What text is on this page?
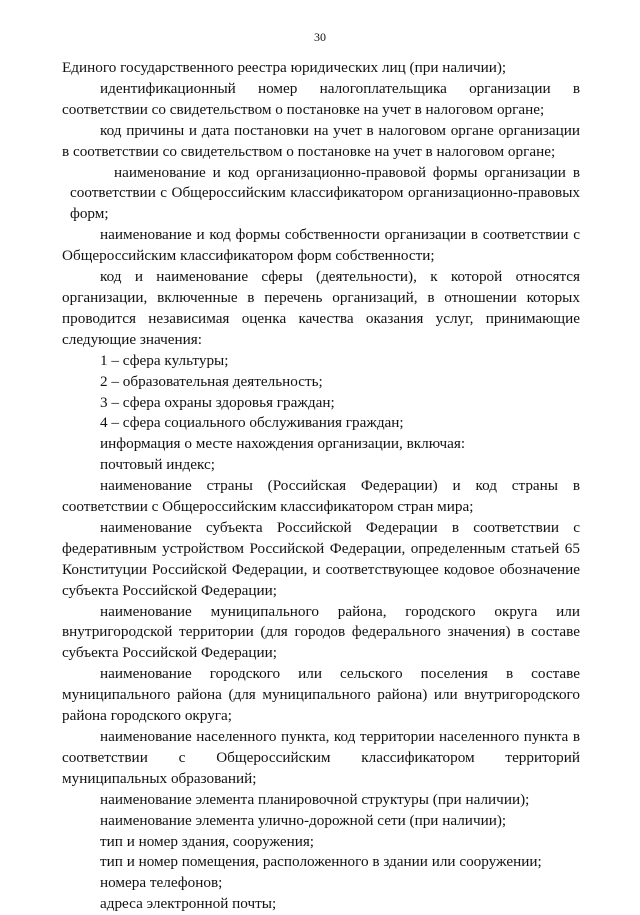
30

Единого государственного реестра юридических лиц (при наличии);

идентификационный номер налогоплательщика организации в соответствии со свидетельством о постановке на учет в налоговом органе;

код причины и дата постановки на учет в налоговом органе организации в соответствии со свидетельством о постановке на учет в налоговом органе;

наименование и код организационно-правовой формы организации в соответствии с Общероссийским классификатором организационно-правовых форм;

наименование и код формы собственности организации в соответствии с Общероссийским классификатором форм собственности;

код и наименование сферы (деятельности), к которой относятся организации, включенные в перечень организаций, в отношении которых проводится независимая оценка качества оказания услуг, принимающие следующие значения:

1 – сфера культуры;

2 – образовательная деятельность;

3 – сфера охраны здоровья граждан;

4 – сфера социального обслуживания граждан;

информация о месте нахождения организации, включая:

почтовый индекс;

наименование страны (Российская Федерации) и код страны в соответствии с Общероссийским классификатором стран мира;

наименование субъекта Российской Федерации в соответствии с федеративным устройством Российской Федерации, определенным статьей 65 Конституции Российской Федерации, и соответствующее кодовое обозначение субъекта Российской Федерации;

наименование муниципального района, городского округа или внутригородской территории (для городов федерального значения) в составе субъекта Российской Федерации;

наименование городского или сельского поселения в составе муниципального района (для муниципального района) или внутригородского района городского округа;

наименование населенного пункта, код территории населенного пункта в соответствии с Общероссийским классификатором территорий муниципальных образований;

наименование элемента планировочной структуры (при наличии);

наименование элемента улично-дорожной сети (при наличии);

тип и номер здания, сооружения;

тип и номер помещения, расположенного в здании или сооружении;

номера телефонов;

адреса электронной почты;
